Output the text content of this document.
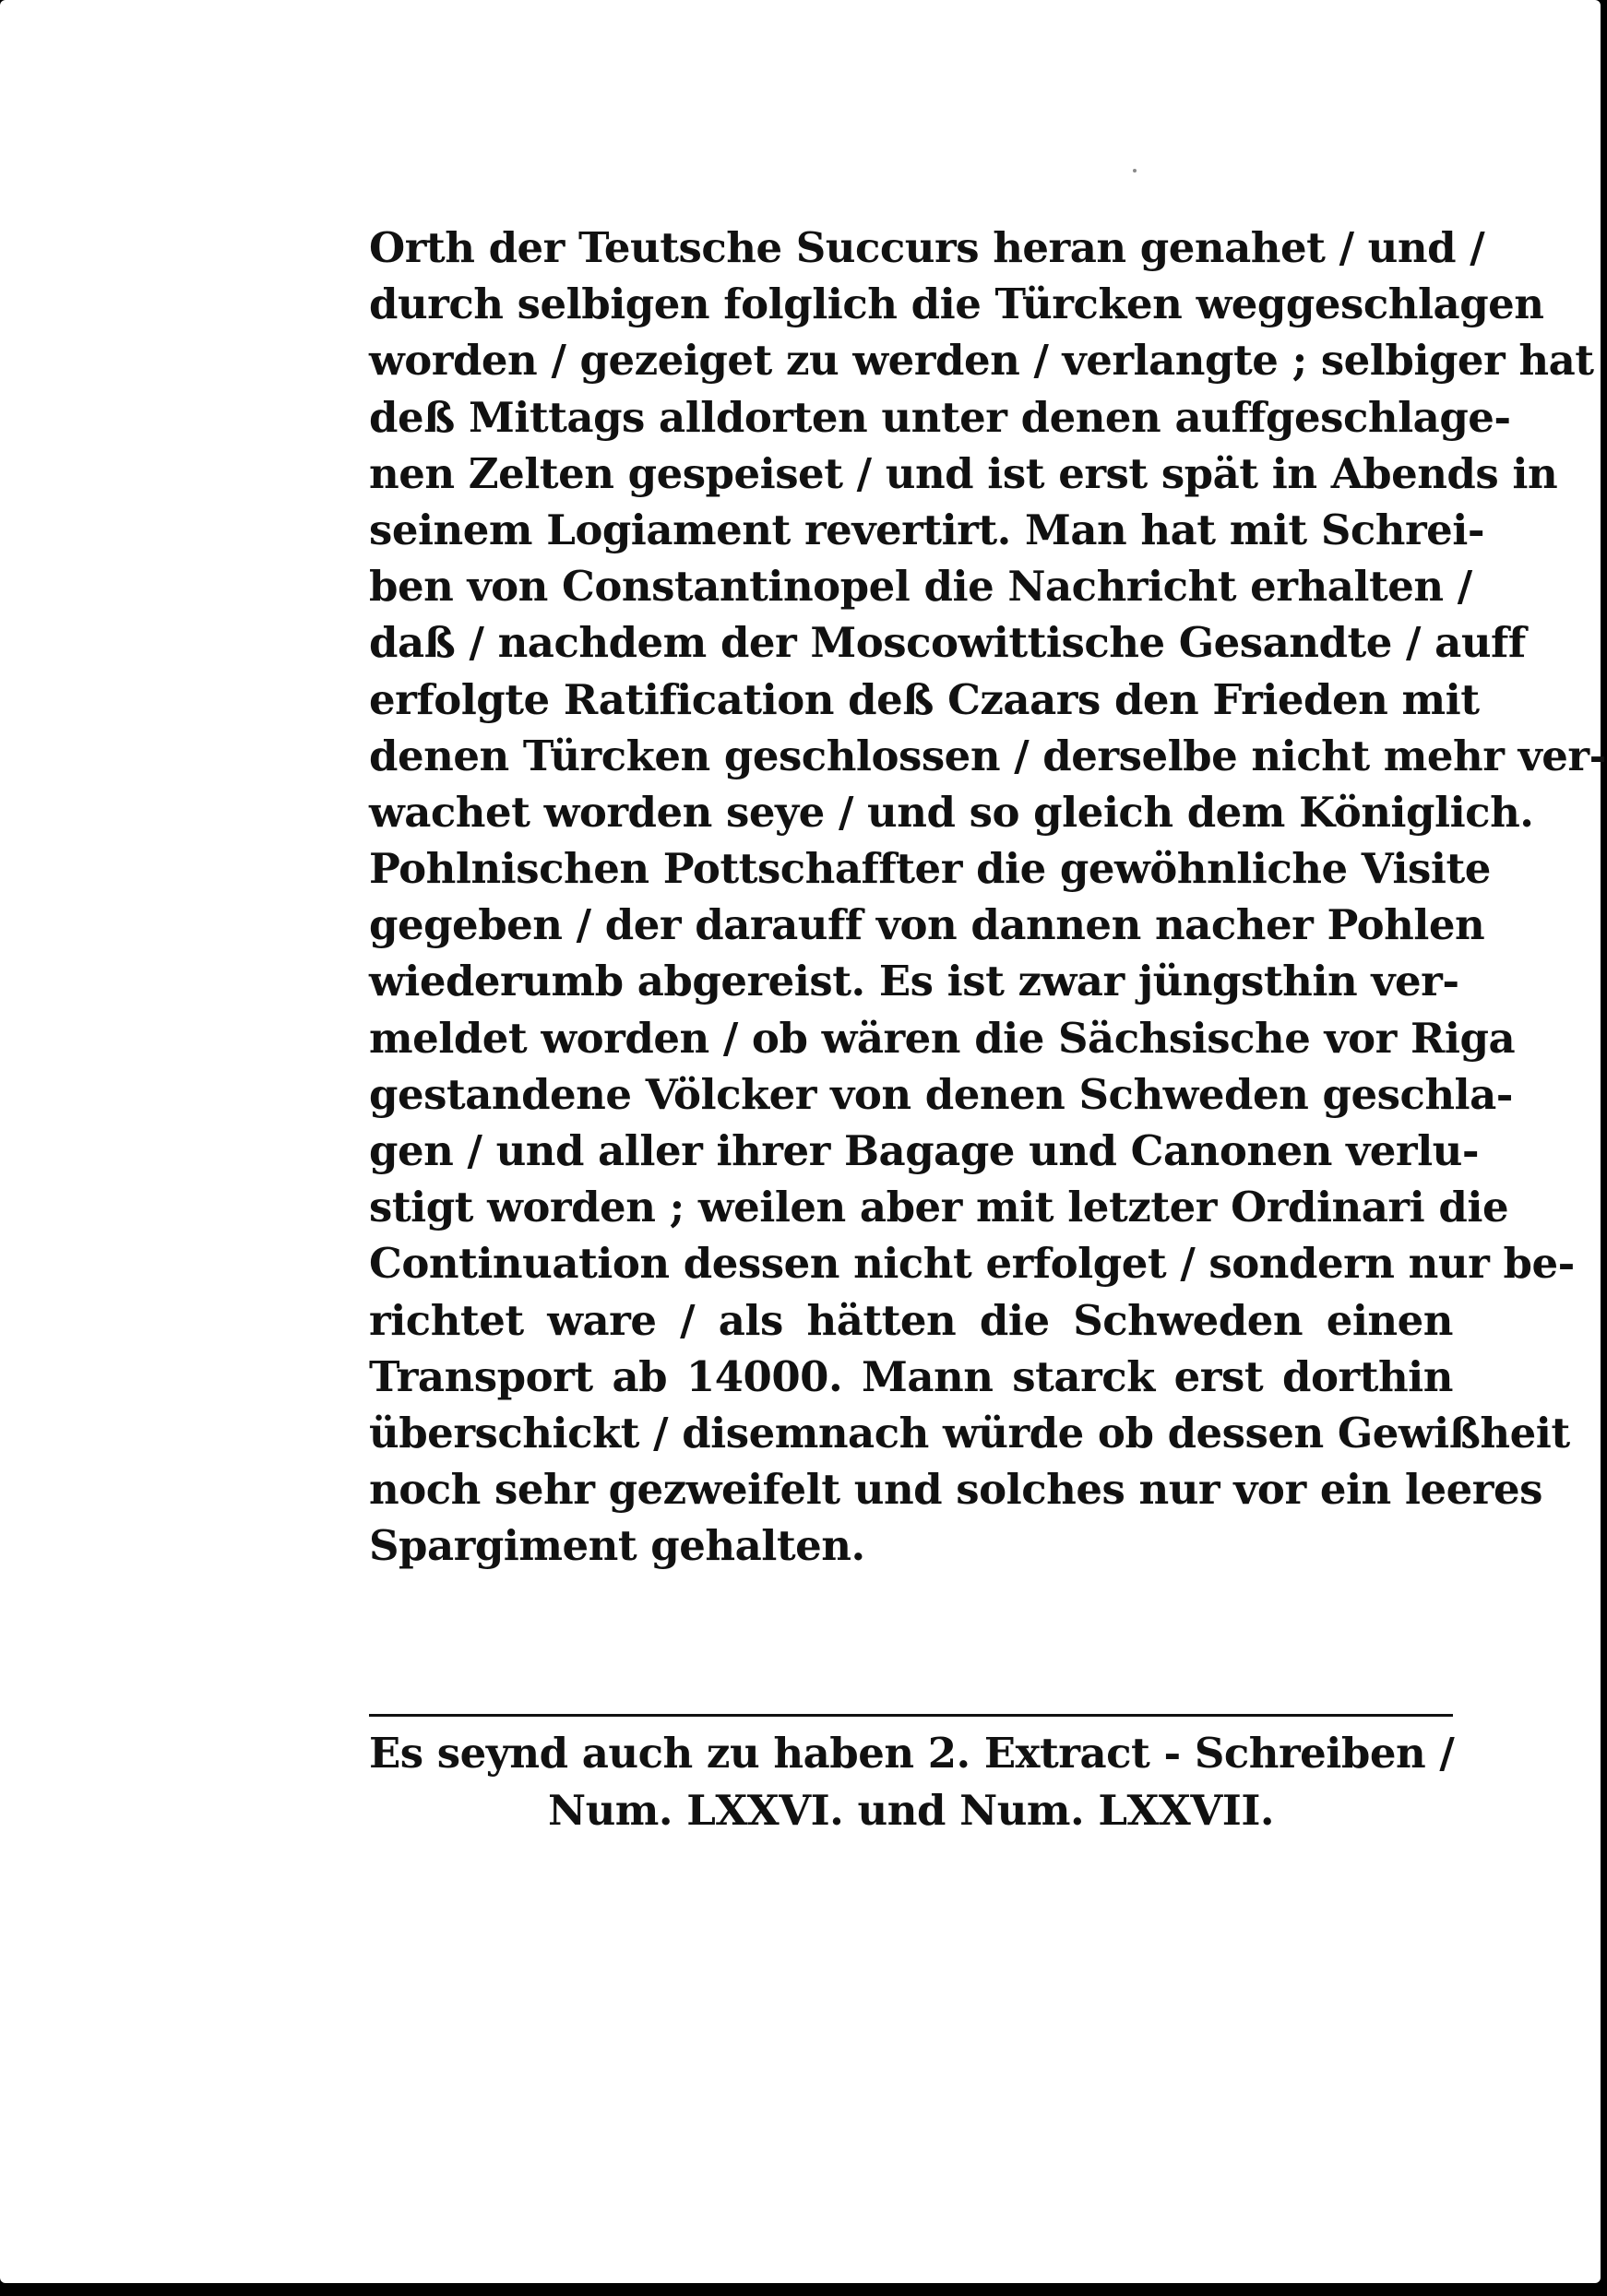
Orth der Teutsche Succurs heran genahet / und /
durch selbigen folglich die Türcken weggeschlagen
worden / gezeiget zu werden / verlangte ; selbiger hat
deß Mittags alldorten unter denen auffgeschlage-
nen Zelten gespeiset / und ist erst spät in Abends in
seinem Logiament revertirt. Man hat mit Schrei-
ben von Constantinopel die Nachricht erhalten /
daß / nachdem der Moscowittische Gesandte / auff
erfolgte Ratification deß Czaars den Frieden mit
denen Türcken geschlossen / derselbe nicht mehr ver-
wachet worden seye / und so gleich dem Königlich.
Pohlnischen Pottschaffter die gewöhnliche Visite
gegeben / der darauff von dannen nacher Pohlen
wiederumb abgereist. Es ist zwar jüngsthin ver-
meldet worden / ob wären die Sächsische vor Riga
gestandene Völcker von denen Schweden geschla-
gen / und aller ihrer Bagage und Canonen verlu-
stigt worden ; weilen aber mit letzter Ordinari die
Continuation dessen nicht erfolget / sondern nur be-
richtet ware / als hätten die Schweden einen
Transport ab 14000. Mann starck erst dorthin
überschickt / disemnach würde ob dessen Gewißheit
noch sehr gezweifelt und solches nur vor ein leeres
Spargiment gehalten.
Es seynd auch zu haben 2. Extract - Schreiben /
Num. LXXVI. und Num. LXXVII.
